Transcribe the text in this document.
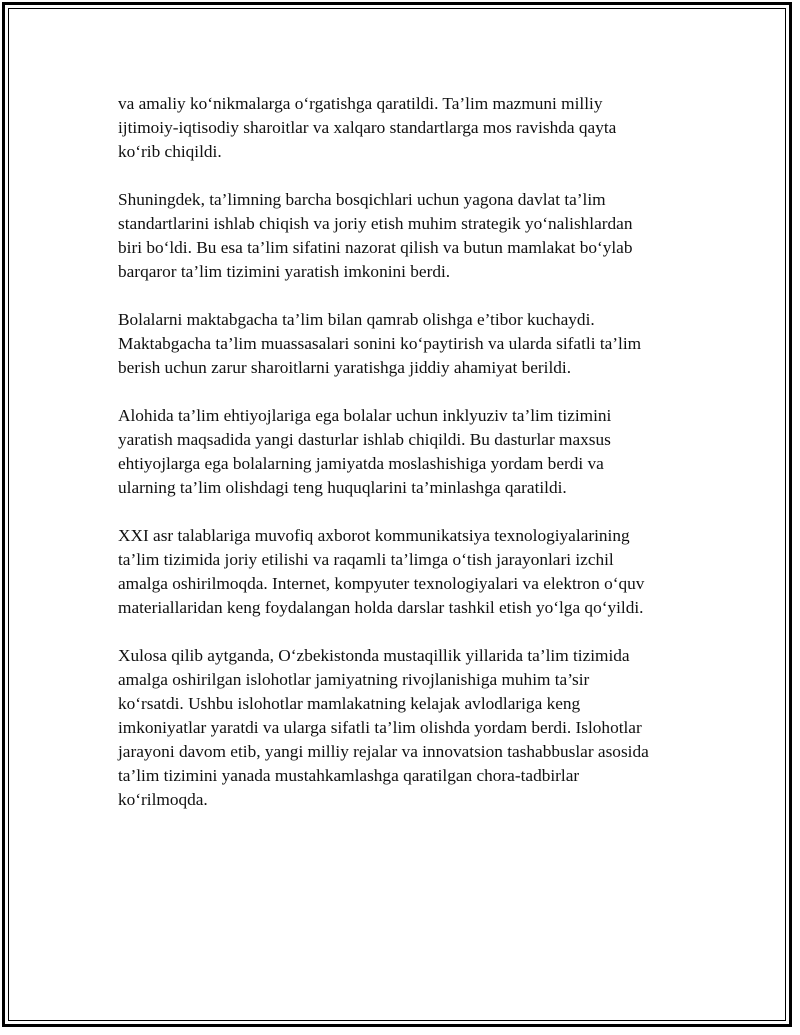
va amaliy ko‘nikmalarga o‘rgatishga qaratildi. Ta’lim mazmuni milliy
ijtimoiy-iqtisodiy sharoitlar va xalqaro standartlarga mos ravishda qayta
ko‘rib chiqildi.

Shuningdek, ta’limning barcha bosqichlari uchun yagona davlat ta’lim
standartlarini ishlab chiqish va joriy etish muhim strategik yo‘nalishlardan
biri bo‘ldi. Bu esa ta’lim sifatini nazorat qilish va butun mamlakat bo‘ylab
barqaror ta’lim tizimini yaratish imkonini berdi.

Bolalarni maktabgacha ta’lim bilan qamrab olishga e’tibor kuchaydi.
Maktabgacha ta’lim muassasalari sonini ko‘paytirish va ularda sifatli ta’lim
berish uchun zarur sharoitlarni yaratishga jiddiy ahamiyat berildi.

Alohida ta’lim ehtiyojlariga ega bolalar uchun inklyuziv ta’lim tizimini
yaratish maqsadida yangi dasturlar ishlab chiqildi. Bu dasturlar maxsus
ehtiyojlarga ega bolalarning jamiyatda moslashishiga yordam berdi va
ularning ta’lim olishdagi teng huquqlarini ta’minlashga qaratildi.

XXI asr talablariga muvofiq axborot kommunikatsiya texnologiyalarining
ta’lim tizimida joriy etilishi va raqamli ta’limga o‘tish jarayonlari izchil
amalga oshirilmoqda. Internet, kompyuter texnologiyalari va elektron o‘quv
materiallaridan keng foydalangan holda darslar tashkil etish yo‘lga qo‘yildi.

Xulosa qilib aytganda, O‘zbekistonda mustaqillik yillarida ta’lim tizimida
amalga oshirilgan islohotlar jamiyatning rivojlanishiga muhim ta’sir
ko‘rsatdi. Ushbu islohotlar mamlakatning kelajak avlodlariga keng
imkoniyatlar yaratdi va ularga sifatli ta’lim olishda yordam berdi. Islohotlar
jarayoni davom etib, yangi milliy rejalar va innovatsion tashabbuslar asosida
ta’lim tizimini yanada mustahkamlashga qaratilgan chora-tadbirlar
ko‘rilmoqda.
